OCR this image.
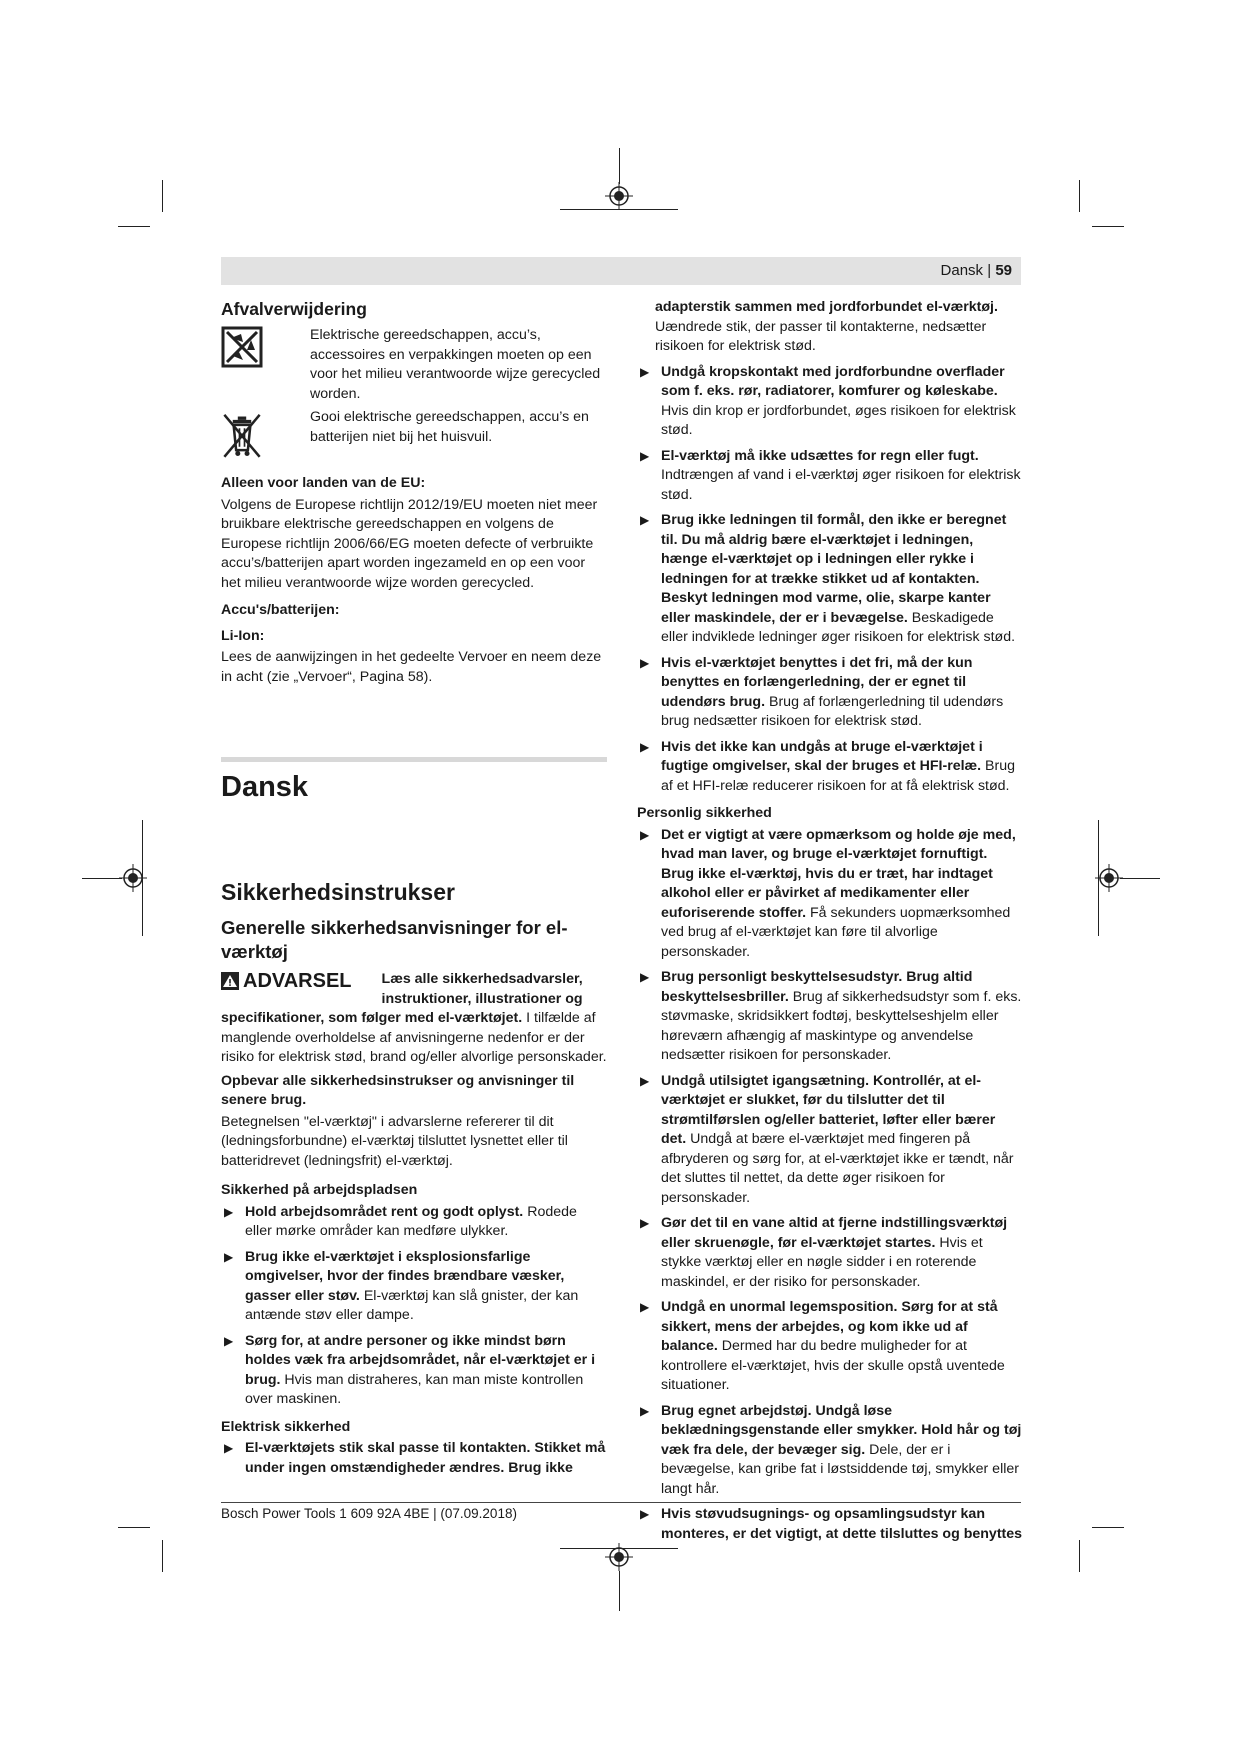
Dansk | 59

Afvalverwijdering

Elektrische gereedschappen, accu’s, accessoires en verpakkingen moeten op een voor het milieu verantwoorde wijze gerecycled worden.

Gooi elektrische gereedschappen, accu’s en batterijen niet bij het huisvuil.

Alleen voor landen van de EU:

Volgens de Europese richtlijn 2012/19/EU moeten niet meer bruikbare elektrische gereedschappen en volgens de Europese richtlijn 2006/66/EG moeten defecte of verbruikte accu’s/batterijen apart worden ingezameld en op een voor het milieu verantwoorde wijze worden gerecycled.

Accu's/batterijen:

Li-Ion:

Lees de aanwijzingen in het gedeelte Vervoer en neem deze in acht (zie „Vervoer“, Pagina 58).

Dansk

Sikkerhedsinstrukser

Generelle sikkerhedsanvisninger for el-værktøj

ADVARSEL	Læs alle sikkerhedsadvarsler, instruktioner, illustrationer og specifikationer, som følger med el-værktøjet. I tilfælde af manglende overholdelse af anvisningerne nedenfor er der risiko for elektrisk stød, brand og/eller alvorlige personskader.

Opbevar alle sikkerhedsinstrukser og anvisninger til senere brug.

Betegnelsen "el-værktøj" i advarslerne refererer til dit (ledningsforbundne) el-værktøj tilsluttet lysnettet eller til batteridrevet (ledningsfrit) el-værktøj.

Sikkerhed på arbejdspladsen

▶ Hold arbejdsområdet rent og godt oplyst. Rodede eller mørke områder kan medføre ulykker.
▶ Brug ikke el-værktøjet i eksplosionsfarlige omgivelser, hvor der findes brændbare væsker, gasser eller støv. El-værktøj kan slå gnister, der kan antænde støv eller dampe.
▶ Sørg for, at andre personer og ikke mindst børn holdes væk fra arbejdsområdet, når el-værktøjet er i brug. Hvis man distraheres, kan man miste kontrollen over maskinen.

Elektrisk sikkerhed

▶ El-værktøjets stik skal passe til kontakten. Stikket må under ingen omstændigheder ændres. Brug ikke

adapterstik sammen med jordforbundet el-værktøj. Uændrede stik, der passer til kontakterne, nedsætter risikoen for elektrisk stød.

▶ Undgå kropskontakt med jordforbundne overflader som f. eks. rør, radiatorer, komfurer og køleskabe. Hvis din krop er jordforbundet, øges risikoen for elektrisk stød.
▶ El-værktøj må ikke udsættes for regn eller fugt. Indtrængen af vand i el-værktøj øger risikoen for elektrisk stød.
▶ Brug ikke ledningen til formål, den ikke er beregnet til. Du må aldrig bære el-værktøjet i ledningen, hænge el-værktøjet op i ledningen eller rykke i ledningen for at trække stikket ud af kontakten. Beskyt ledningen mod varme, olie, skarpe kanter eller maskindele, der er i bevægelse. Beskadigede eller indviklede ledninger øger risikoen for elektrisk stød.
▶ Hvis el-værktøjet benyttes i det fri, må der kun benyttes en forlængerledning, der er egnet til udendørs brug. Brug af forlængerledning til udendørs brug nedsætter risikoen for elektrisk stød.
▶ Hvis det ikke kan undgås at bruge el-værktøjet i fugtige omgivelser, skal der bruges et HFI-relæ. Brug af et HFI-relæ reducerer risikoen for at få elektrisk stød.

Personlig sikkerhed

▶ Det er vigtigt at være opmærksom og holde øje med, hvad man laver, og bruge el-værktøjet fornuftigt. Brug ikke el-værktøj, hvis du er træt, har indtaget alkohol eller er påvirket af medikamenter eller euforiserende stoffer. Få sekunders uopmærksomhed ved brug af el-værktøjet kan føre til alvorlige personskader.
▶ Brug personligt beskyttelsesudstyr. Brug altid beskyttelsesbriller. Brug af sikkerhedsudstyr som f. eks. støvmaske, skridsikkert fodtøj, beskyttelseshjelm eller høreværn afhængig af maskintype og anvendelse nedsætter risikoen for personskader.
▶ Undgå utilsigtet igangsætning. Kontrollér, at el-værktøjet er slukket, før du tilslutter det til strømtilførslen og/eller batteriet, løfter eller bærer det. Undgå at bære el-værktøjet med fingeren på afbryderen og sørg for, at el-værktøjet ikke er tændt, når det sluttes til nettet, da dette øger risikoen for personskader.
▶ Gør det til en vane altid at fjerne indstillingsværktøj eller skruenøgle, før el-værktøjet startes. Hvis et stykke værktøj eller en nøgle sidder i en roterende maskindel, er der risiko for personskader.
▶ Undgå en unormal legemsposition. Sørg for at stå sikkert, mens der arbejdes, og kom ikke ud af balance. Dermed har du bedre muligheder for at kontrollere el-værktøjet, hvis der skulle opstå uventede situationer.
▶ Brug egnet arbejdstøj. Undgå løse beklædningsgenstande eller smykker. Hold hår og tøj væk fra dele, der bevæger sig. Dele, der er i bevægelse, kan gribe fat i løstsiddende tøj, smykker eller langt hår.
▶ Hvis støvudsugnings- og opsamlingsudstyr kan monteres, er det vigtigt, at dette tilsluttes og benyttes
Bosch Power Tools 1 609 92A 4BE | (07.09.2018)
